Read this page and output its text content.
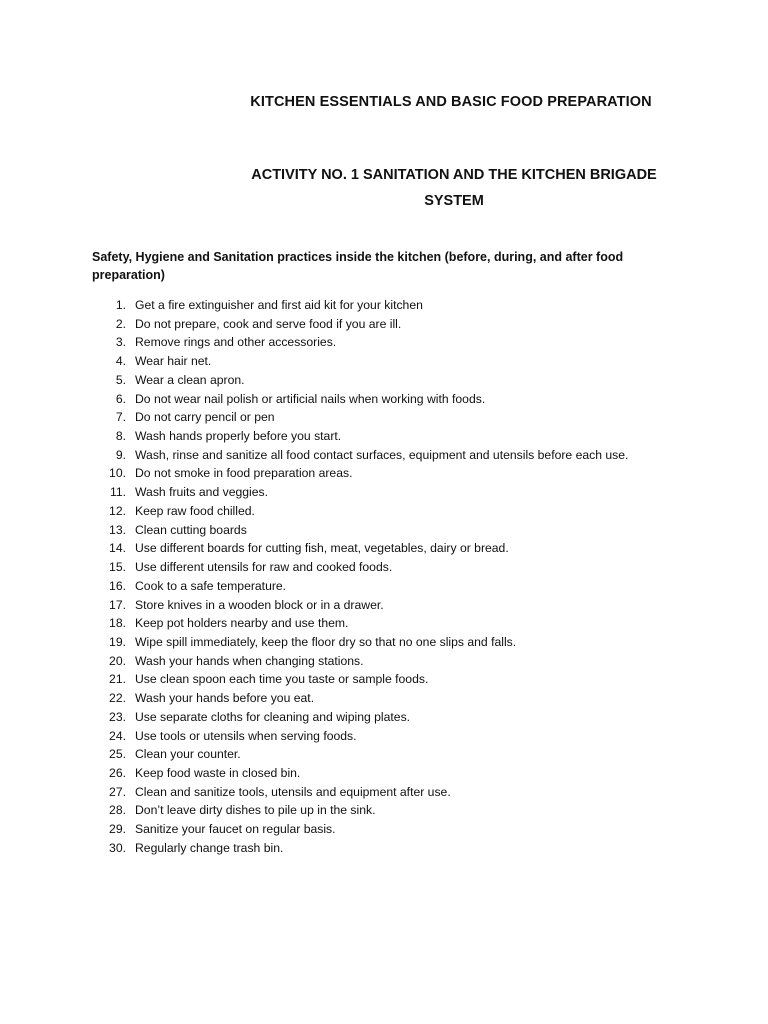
KITCHEN ESSENTIALS AND BASIC FOOD PREPARATION
ACTIVITY NO. 1 SANITATION AND THE KITCHEN BRIGADE
SYSTEM
Safety, Hygiene and Sanitation practices inside the kitchen (before, during, and after food preparation)
1. Get a fire extinguisher and first aid kit for your kitchen
2. Do not prepare, cook and serve food if you are ill.
3. Remove rings and other accessories.
4. Wear hair net.
5. Wear a clean apron.
6. Do not wear nail polish or artificial nails when working with foods.
7. Do not carry pencil or pen
8. Wash hands properly before you start.
9. Wash, rinse and sanitize all food contact surfaces, equipment and utensils before each use.
10. Do not smoke in food preparation areas.
11. Wash fruits and veggies.
12. Keep raw food chilled.
13. Clean cutting boards
14. Use different boards for cutting fish, meat, vegetables, dairy or bread.
15. Use different utensils for raw and cooked foods.
16. Cook to a safe temperature.
17. Store knives in a wooden block or in a drawer.
18. Keep pot holders nearby and use them.
19. Wipe spill immediately, keep the floor dry so that no one slips and falls.
20. Wash your hands when changing stations.
21. Use clean spoon each time you taste or sample foods.
22. Wash your hands before you eat.
23. Use separate cloths for cleaning and wiping plates.
24. Use tools or utensils when serving foods.
25. Clean your counter.
26. Keep food waste in closed bin.
27. Clean and sanitize tools, utensils and equipment after use.
28. Don’t leave dirty dishes to pile up in the sink.
29. Sanitize your faucet on regular basis.
30. Regularly change trash bin.
